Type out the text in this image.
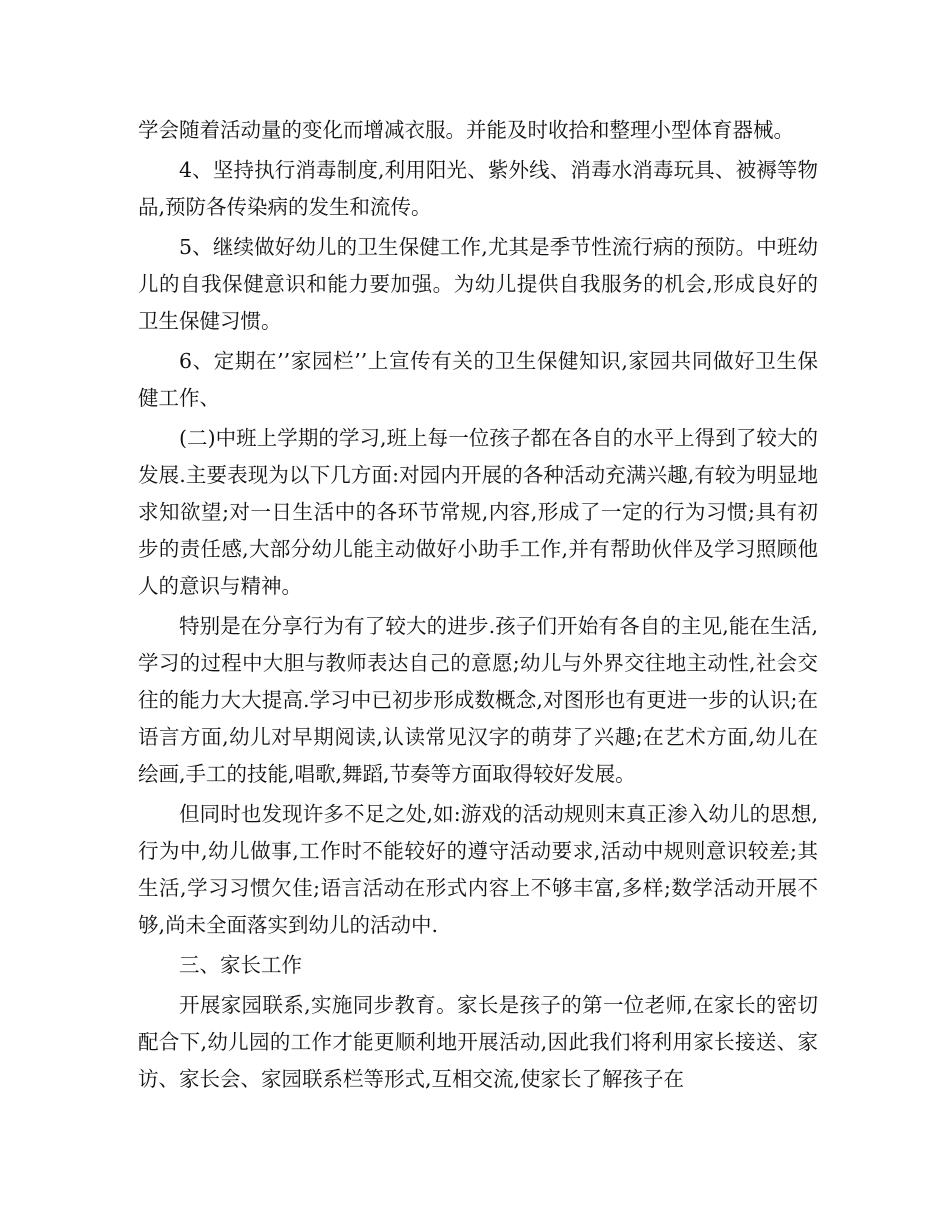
学会随着活动量的变化而增减衣服。并能及时收拾和整理小型体育器械。

4、坚持执行消毒制度,利用阳光、紫外线、消毒水消毒玩具、被褥等物品,预防各传染病的发生和流传。

5、继续做好幼儿的卫生保健工作,尤其是季节性流行病的预防。中班幼儿的自我保健意识和能力要加强。为幼儿提供自我服务的机会,形成良好的卫生保健习惯。

6、定期在’’家园栏’’上宣传有关的卫生保健知识,家园共同做好卫生保健工作、

(二)中班上学期的学习,班上每一位孩子都在各自的水平上得到了较大的发展.主要表现为以下几方面:对园内开展的各种活动充满兴趣,有较为明显地求知欲望;对一日生活中的各环节常规,内容,形成了一定的行为习惯;具有初步的责任感,大部分幼儿能主动做好小助手工作,并有帮助伙伴及学习照顾他人的意识与精神。

特别是在分享行为有了较大的进步.孩子们开始有各自的主见,能在生活,学习的过程中大胆与教师表达自己的意愿;幼儿与外界交往地主动性,社会交往的能力大大提高.学习中已初步形成数概念,对图形也有更进一步的认识;在语言方面,幼儿对早期阅读,认读常见汉字的萌芽了兴趣;在艺术方面,幼儿在绘画,手工的技能,唱歌,舞蹈,节奏等方面取得较好发展。

但同时也发现许多不足之处,如:游戏的活动规则末真正渗入幼儿的思想,行为中,幼儿做事,工作时不能较好的遵守活动要求,活动中规则意识较差;其生活,学习习惯欠佳;语言活动在形式内容上不够丰富,多样;数学活动开展不够,尚未全面落实到幼儿的活动中.

三、家长工作

开展家园联系,实施同步教育。家长是孩子的第一位老师,在家长的密切配合下,幼儿园的工作才能更顺利地开展活动,因此我们将利用家长接送、家访、家长会、家园联系栏等形式,互相交流,使家长了解孩子在
